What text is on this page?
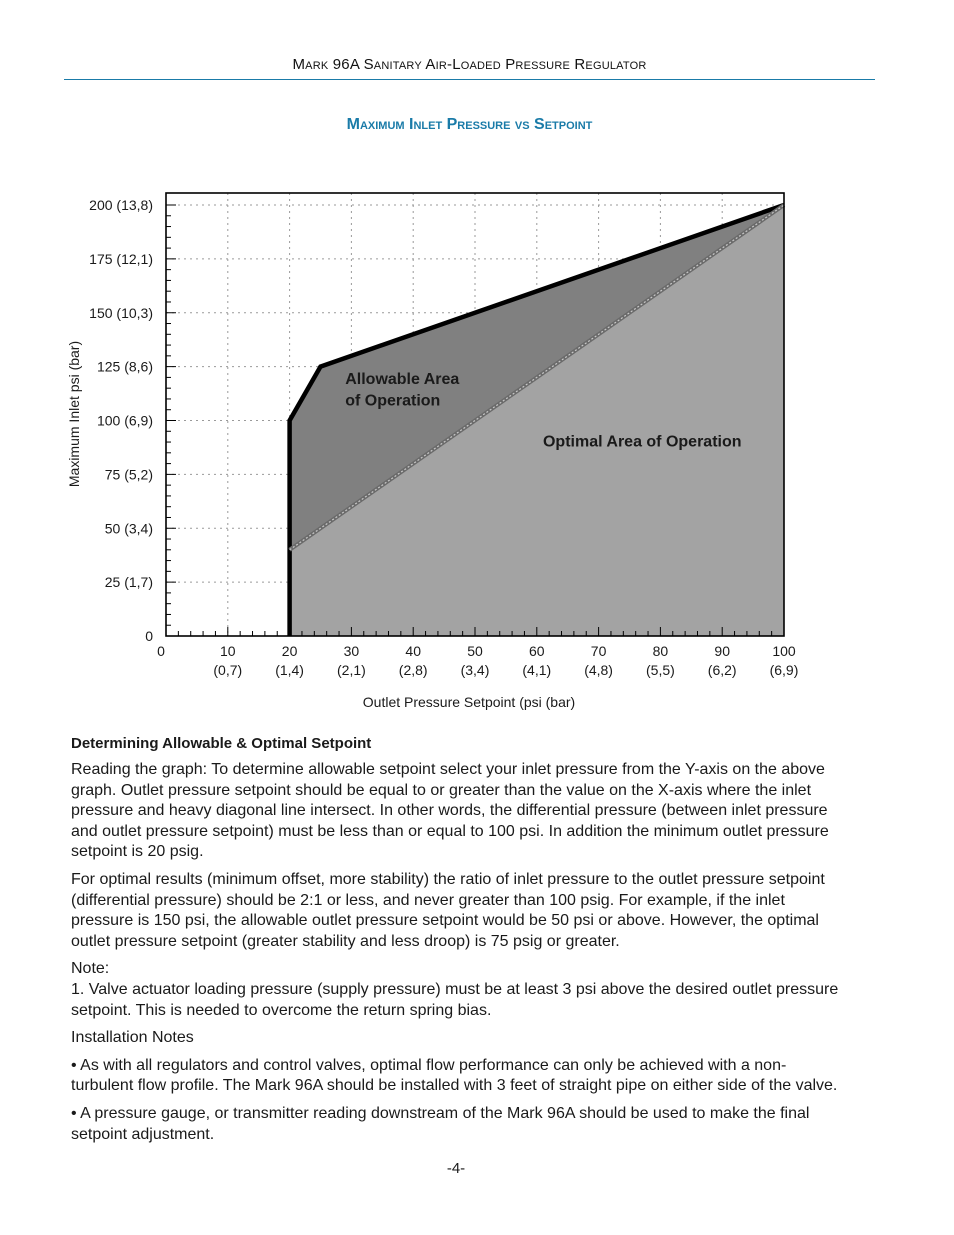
Mark 96A Sanitary Air-Loaded Pressure Regulator
Maximum Inlet Pressure vs Setpoint
0	10
(0,7)
20
(1,4)
30
(2,1)
40
(2,8)
50
(3,4)
60
(4,1)
70
(4,8)
80
(5,5)
90
(6,2)
100
(6,9)
0
25 (1,7)
50 (3,4)
75 (5,2)
100 (6,9)
125 (8,6)
150 (10,3)
175 (12,1)
200 (13,8)
Outlet Pressure Setpoint (psi (bar)
Maximum Inlet psi (bar)	Allowable Area
of Operation
Optimal Area of Operation
Determining Allowable & Optimal Setpoint

Reading the graph: To determine allowable setpoint select your inlet pressure from the Y-axis on the above graph. Outlet pressure setpoint should be equal to or greater than the value on the X-axis where the inlet pressure and heavy diagonal line intersect. In other words, the differential pressure (between inlet pressure and outlet pressure setpoint) must be less than or equal to 100 psi. In addition the minimum outlet pressure setpoint is 20 psig.

For optimal results (minimum offset, more stability) the ratio of inlet pressure to the outlet pressure setpoint (differential pressure) should be 2:1 or less, and never greater than 100 psig. For example, if the inlet pressure is 150 psi, the allowable outlet pressure setpoint would be 50 psi or above. However, the optimal outlet pressure setpoint (greater stability and less droop) is 75 psig or greater.

Note:
1. Valve actuator loading pressure (supply pressure) must be at least 3 psi above the desired outlet pressure setpoint. This is needed to overcome the return spring bias.

Installation Notes

• As with all regulators and control valves, optimal flow performance can only be achieved with a non-turbulent flow profile. The Mark 96A should be installed with 3 feet of straight pipe on either side of the valve.

• A pressure gauge, or transmitter reading downstream of the Mark 96A should be used to make the final setpoint adjustment.

-4-
